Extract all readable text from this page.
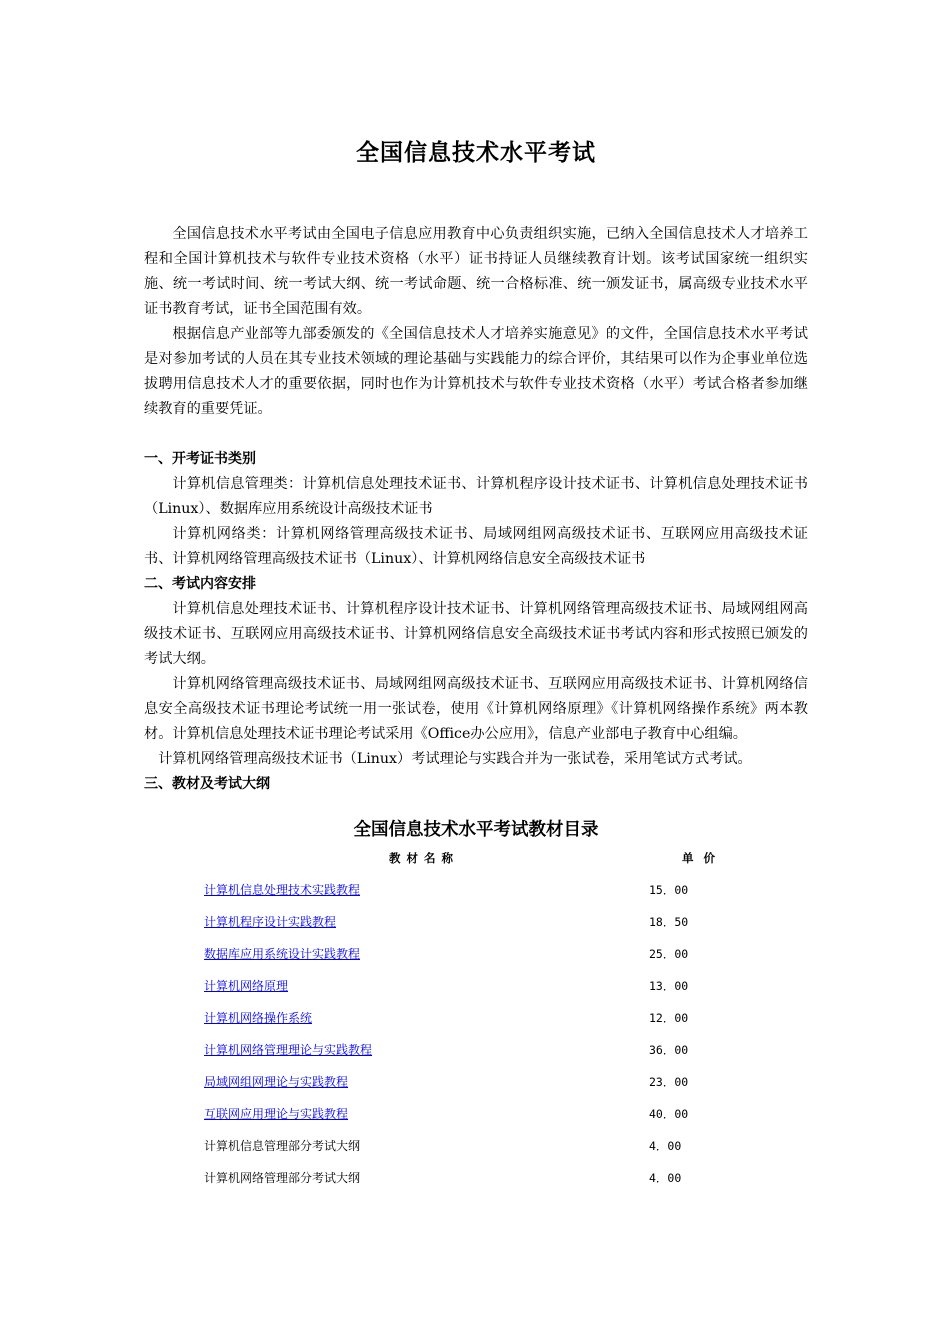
全国信息技术水平考试

全国信息技术水平考试由全国电子信息应用教育中心负责组织实施，已纳入全国信息技术人才培养工程和全国计算机技术与软件专业技术资格（水平）证书持证人员继续教育计划。该考试国家统一组织实施、统一考试时间、统一考试大纲、统一考试命题、统一合格标准、统一颁发证书，属高级专业技术水平证书教育考试，证书全国范围有效。

根据信息产业部等九部委颁发的《全国信息技术人才培养实施意见》的文件，全国信息技术水平考试是对参加考试的人员在其专业技术领域的理论基础与实践能力的综合评价，其结果可以作为企事业单位选拔聘用信息技术人才的重要依据，同时也作为计算机技术与软件专业技术资格（水平）考试合格者参加继续教育的重要凭证。

一、开考证书类别

计算机信息管理类：计算机信息处理技术证书、计算机程序设计技术证书、计算机信息处理技术证书（Linux）、数据库应用系统设计高级技术证书

计算机网络类：计算机网络管理高级技术证书、局域网组网高级技术证书、互联网应用高级技术证书、计算机网络管理高级技术证书（Linux）、计算机网络信息安全高级技术证书

二、考试内容安排

计算机信息处理技术证书、计算机程序设计技术证书、计算机网络管理高级技术证书、局域网组网高级技术证书、互联网应用高级技术证书、计算机网络信息安全高级技术证书考试内容和形式按照已颁发的考试大纲。

计算机网络管理高级技术证书、局域网组网高级技术证书、互联网应用高级技术证书、计算机网络信息安全高级技术证书理论考试统一用一张试卷，使用《计算机网络原理》《计算机网络操作系统》两本教材。计算机信息处理技术证书理论考试采用《Office办公应用》，信息产业部电子教育中心组编。

计算机网络管理高级技术证书（Linux）考试理论与实践合并为一张试卷，采用笔试方式考试。

三、教材及考试大纲

全国信息技术水平考试教材目录
教材名称	单价
计算机信息处理技术实践教程	15．00
计算机程序设计实践教程	18．50
数据库应用系统设计实践教程	25．00
计算机网络原理	13．00
计算机网络操作系统	12．00
计算机网络管理理论与实践教程	36．00
局域网组网理论与实践教程	23．00
互联网应用理论与实践教程	40．00
计算机信息管理部分考试大纲	4．00
计算机网络管理部分考试大纲	4．00
